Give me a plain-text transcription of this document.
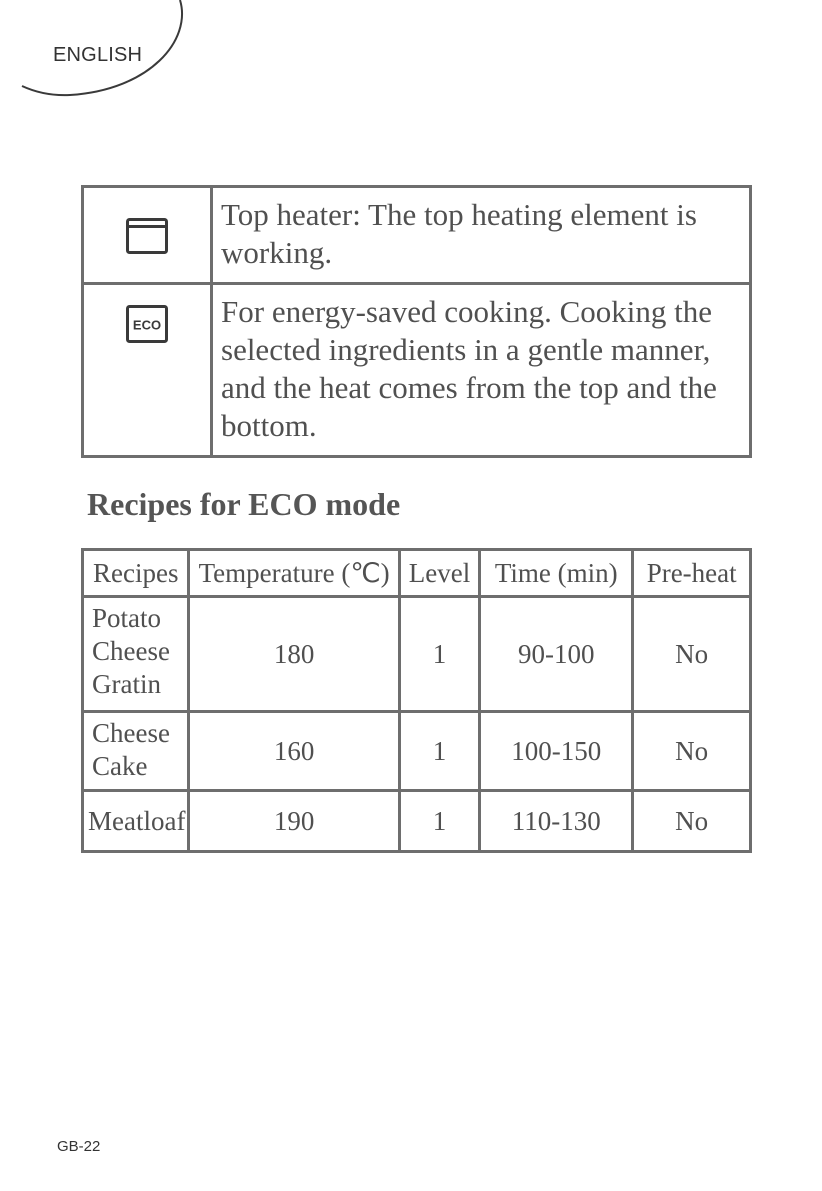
ENGLISH
	Top heater: The top heating element is working.

ECO	For energy-saved cooking. Cooking the selected ingredients in a gentle manner, and the heat comes from the top and the bottom.
Recipes for ECO mode
Recipes	Temperature (℃)	Level	Time (min)	Pre-heat
Potato Cheese Gratin	180	1	90-100	No
Cheese Cake	160	1	100-150	No
Meatloaf	190	1	110-130	No
GB-22
